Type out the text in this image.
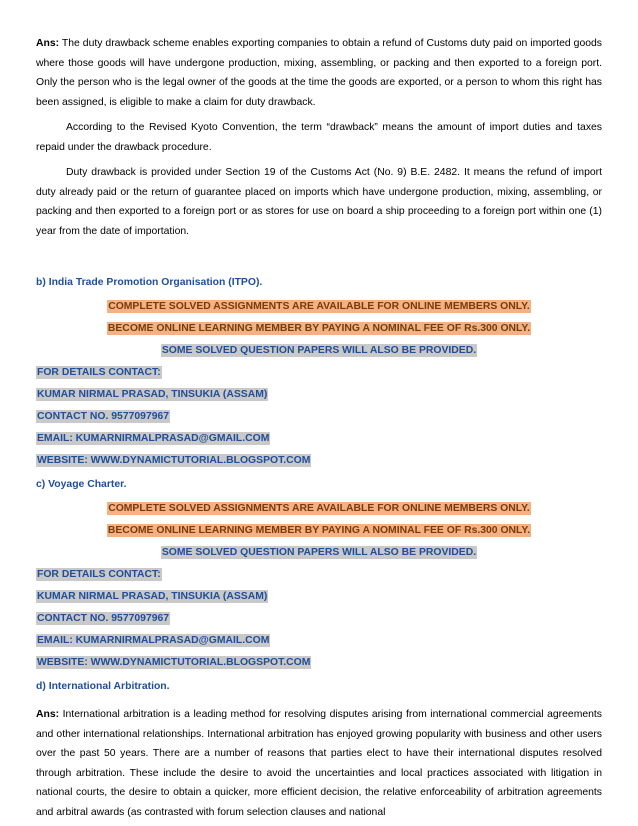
Ans: The duty drawback scheme enables exporting companies to obtain a refund of Customs duty paid on imported goods where those goods will have undergone production, mixing, assembling, or packing and then exported to a foreign port. Only the person who is the legal owner of the goods at the time the goods are exported, or a person to whom this right has been assigned, is eligible to make a claim for duty drawback.

According to the Revised Kyoto Convention, the term “drawback” means the amount of import duties and taxes repaid under the drawback procedure.

Duty drawback is provided under Section 19 of the Customs Act (No. 9) B.E. 2482. It means the refund of import duty already paid or the return of guarantee placed on imports which have undergone production, mixing, assembling, or packing and then exported to a foreign port or as stores for use on board a ship proceeding to a foreign port within one (1) year from the date of importation.

b) India Trade Promotion Organisation (ITPO).

COMPLETE SOLVED ASSIGNMENTS ARE AVAILABLE FOR ONLINE MEMBERS ONLY.

BECOME ONLINE LEARNING MEMBER BY PAYING A NOMINAL FEE OF Rs.300 ONLY.

SOME SOLVED QUESTION PAPERS WILL ALSO BE PROVIDED.

FOR DETAILS CONTACT:

KUMAR NIRMAL PRASAD, TINSUKIA (ASSAM)

CONTACT NO. 9577097967

EMAIL: KUMARNIRMALPRASAD@GMAIL.COM

WEBSITE: WWW.DYNAMICTUTORIAL.BLOGSPOT.COM

c) Voyage Charter.

COMPLETE SOLVED ASSIGNMENTS ARE AVAILABLE FOR ONLINE MEMBERS ONLY.

BECOME ONLINE LEARNING MEMBER BY PAYING A NOMINAL FEE OF Rs.300 ONLY.

SOME SOLVED QUESTION PAPERS WILL ALSO BE PROVIDED.

FOR DETAILS CONTACT:

KUMAR NIRMAL PRASAD, TINSUKIA (ASSAM)

CONTACT NO. 9577097967

EMAIL: KUMARNIRMALPRASAD@GMAIL.COM

WEBSITE: WWW.DYNAMICTUTORIAL.BLOGSPOT.COM

d) International Arbitration.

Ans: International arbitration is a leading method for resolving disputes arising from international commercial agreements and other international relationships. International arbitration has enjoyed growing popularity with business and other users over the past 50 years. There are a number of reasons that parties elect to have their international disputes resolved through arbitration. These include the desire to avoid the uncertainties and local practices associated with litigation in national courts, the desire to obtain a quicker, more efficient decision, the relative enforceability of arbitration agreements and arbitral awards (as contrasted with forum selection clauses and national
